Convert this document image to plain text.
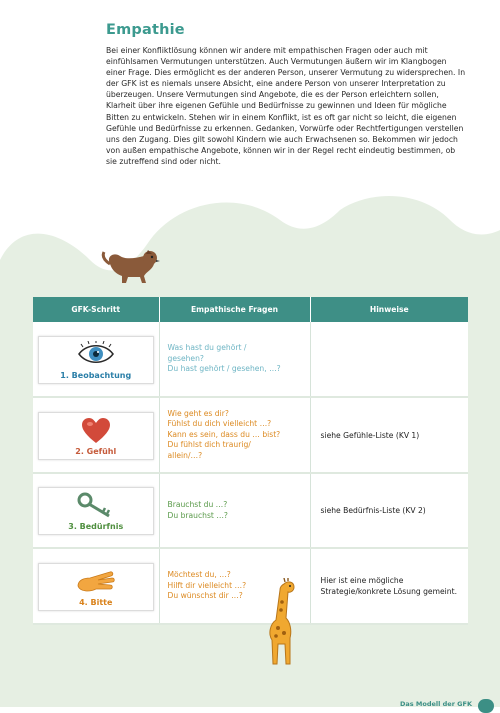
Empathie

Bei einer Konfliktlösung können wir andere mit empathischen Fragen oder auch mit einfühlsamen Vermutungen unterstützen. Auch Vermutungen äußern wir im Klangbogen einer Frage. Dies ermöglicht es der anderen Person, unserer Vermutung zu widersprechen. In der GFK ist es niemals unsere Absicht, eine andere Person von unserer Interpretation zu überzeugen. Unsere Vermutungen sind Angebote, die es der Person erleichtern sollen, Klarheit über ihre eigenen Gefühle und Bedürfnisse zu gewinnen und Ideen für mögliche Bitten zu entwickeln. Stehen wir in einem Konflikt, ist es oft gar nicht so leicht, die eigenen Gefühle und Bedürfnisse zu erkennen. Gedanken, Vorwürfe oder Rechtfertigungen verstellen uns den Zugang. Dies gilt sowohl Kindern wie auch Erwachsenen so. Bekommen wir jedoch von außen empathische Angebote, können wir in der Regel recht eindeutig bestimmen, ob sie zutreffend sind oder nicht.

GFK-Schritt	Empathische Fragen	Hinweise

1. Beobachtung	Was hast du gehört /
gesehen?
Du hast gehört / gesehen, …?	

2. Gefühl	Wie geht es dir?
Fühlst du dich vielleicht …?
Kann es sein, dass du … bist?
Du fühlst dich traurig/
allein/…?	siehe Gefühle-Liste (KV 1)

3. Bedürfnis	Brauchst du …?
Du brauchst …?	siehe Bedürfnis-Liste (KV 2)

4. Bitte	Möchtest du, …?
Hilft dir vielleicht …?
Du wünschst dir …?	Hier ist eine mögliche Strategie/konkrete Lösung gemeint.
Das Modell der GFK
